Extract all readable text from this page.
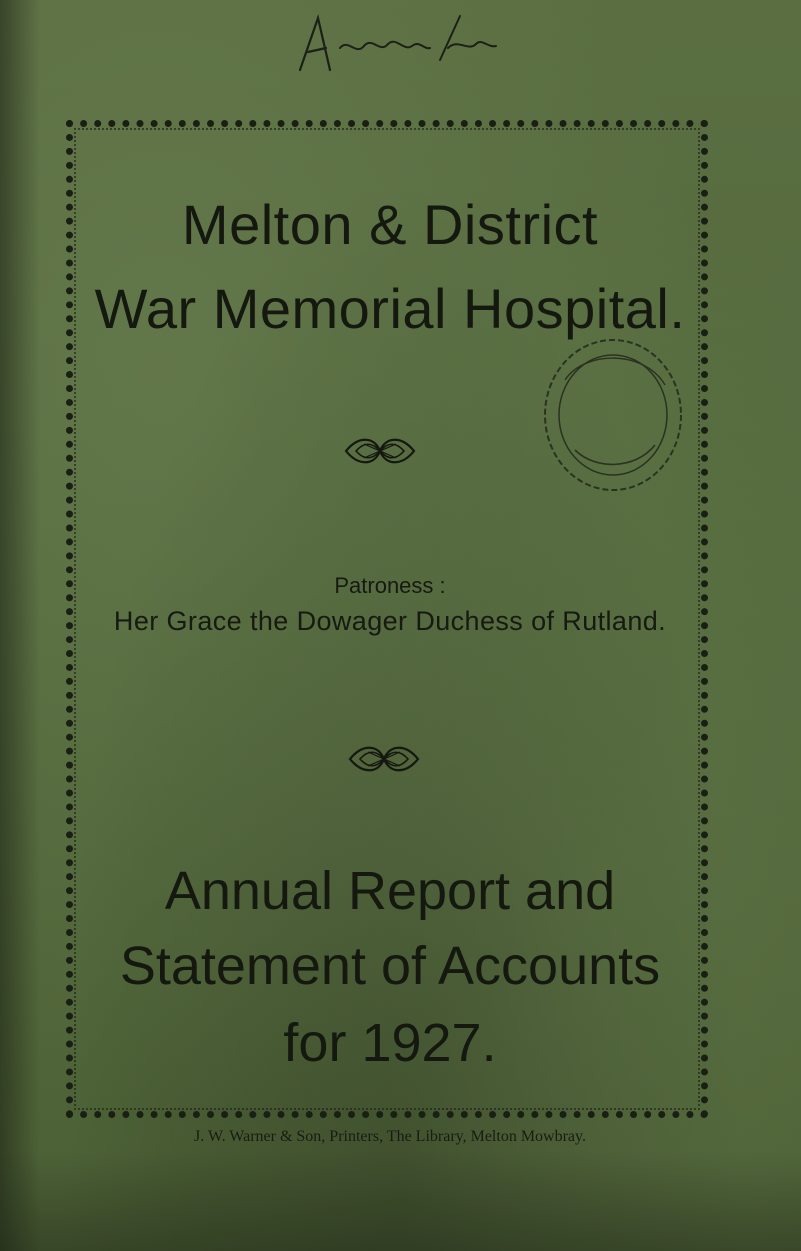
Melton & District
War Memorial Hospital.
Patroness :
Her Grace the Dowager Duchess of Rutland.
Annual Report and
Statement of Accounts
for 1927.
J. W. Warner & Son, Printers, The Library, Melton Mowbray.
